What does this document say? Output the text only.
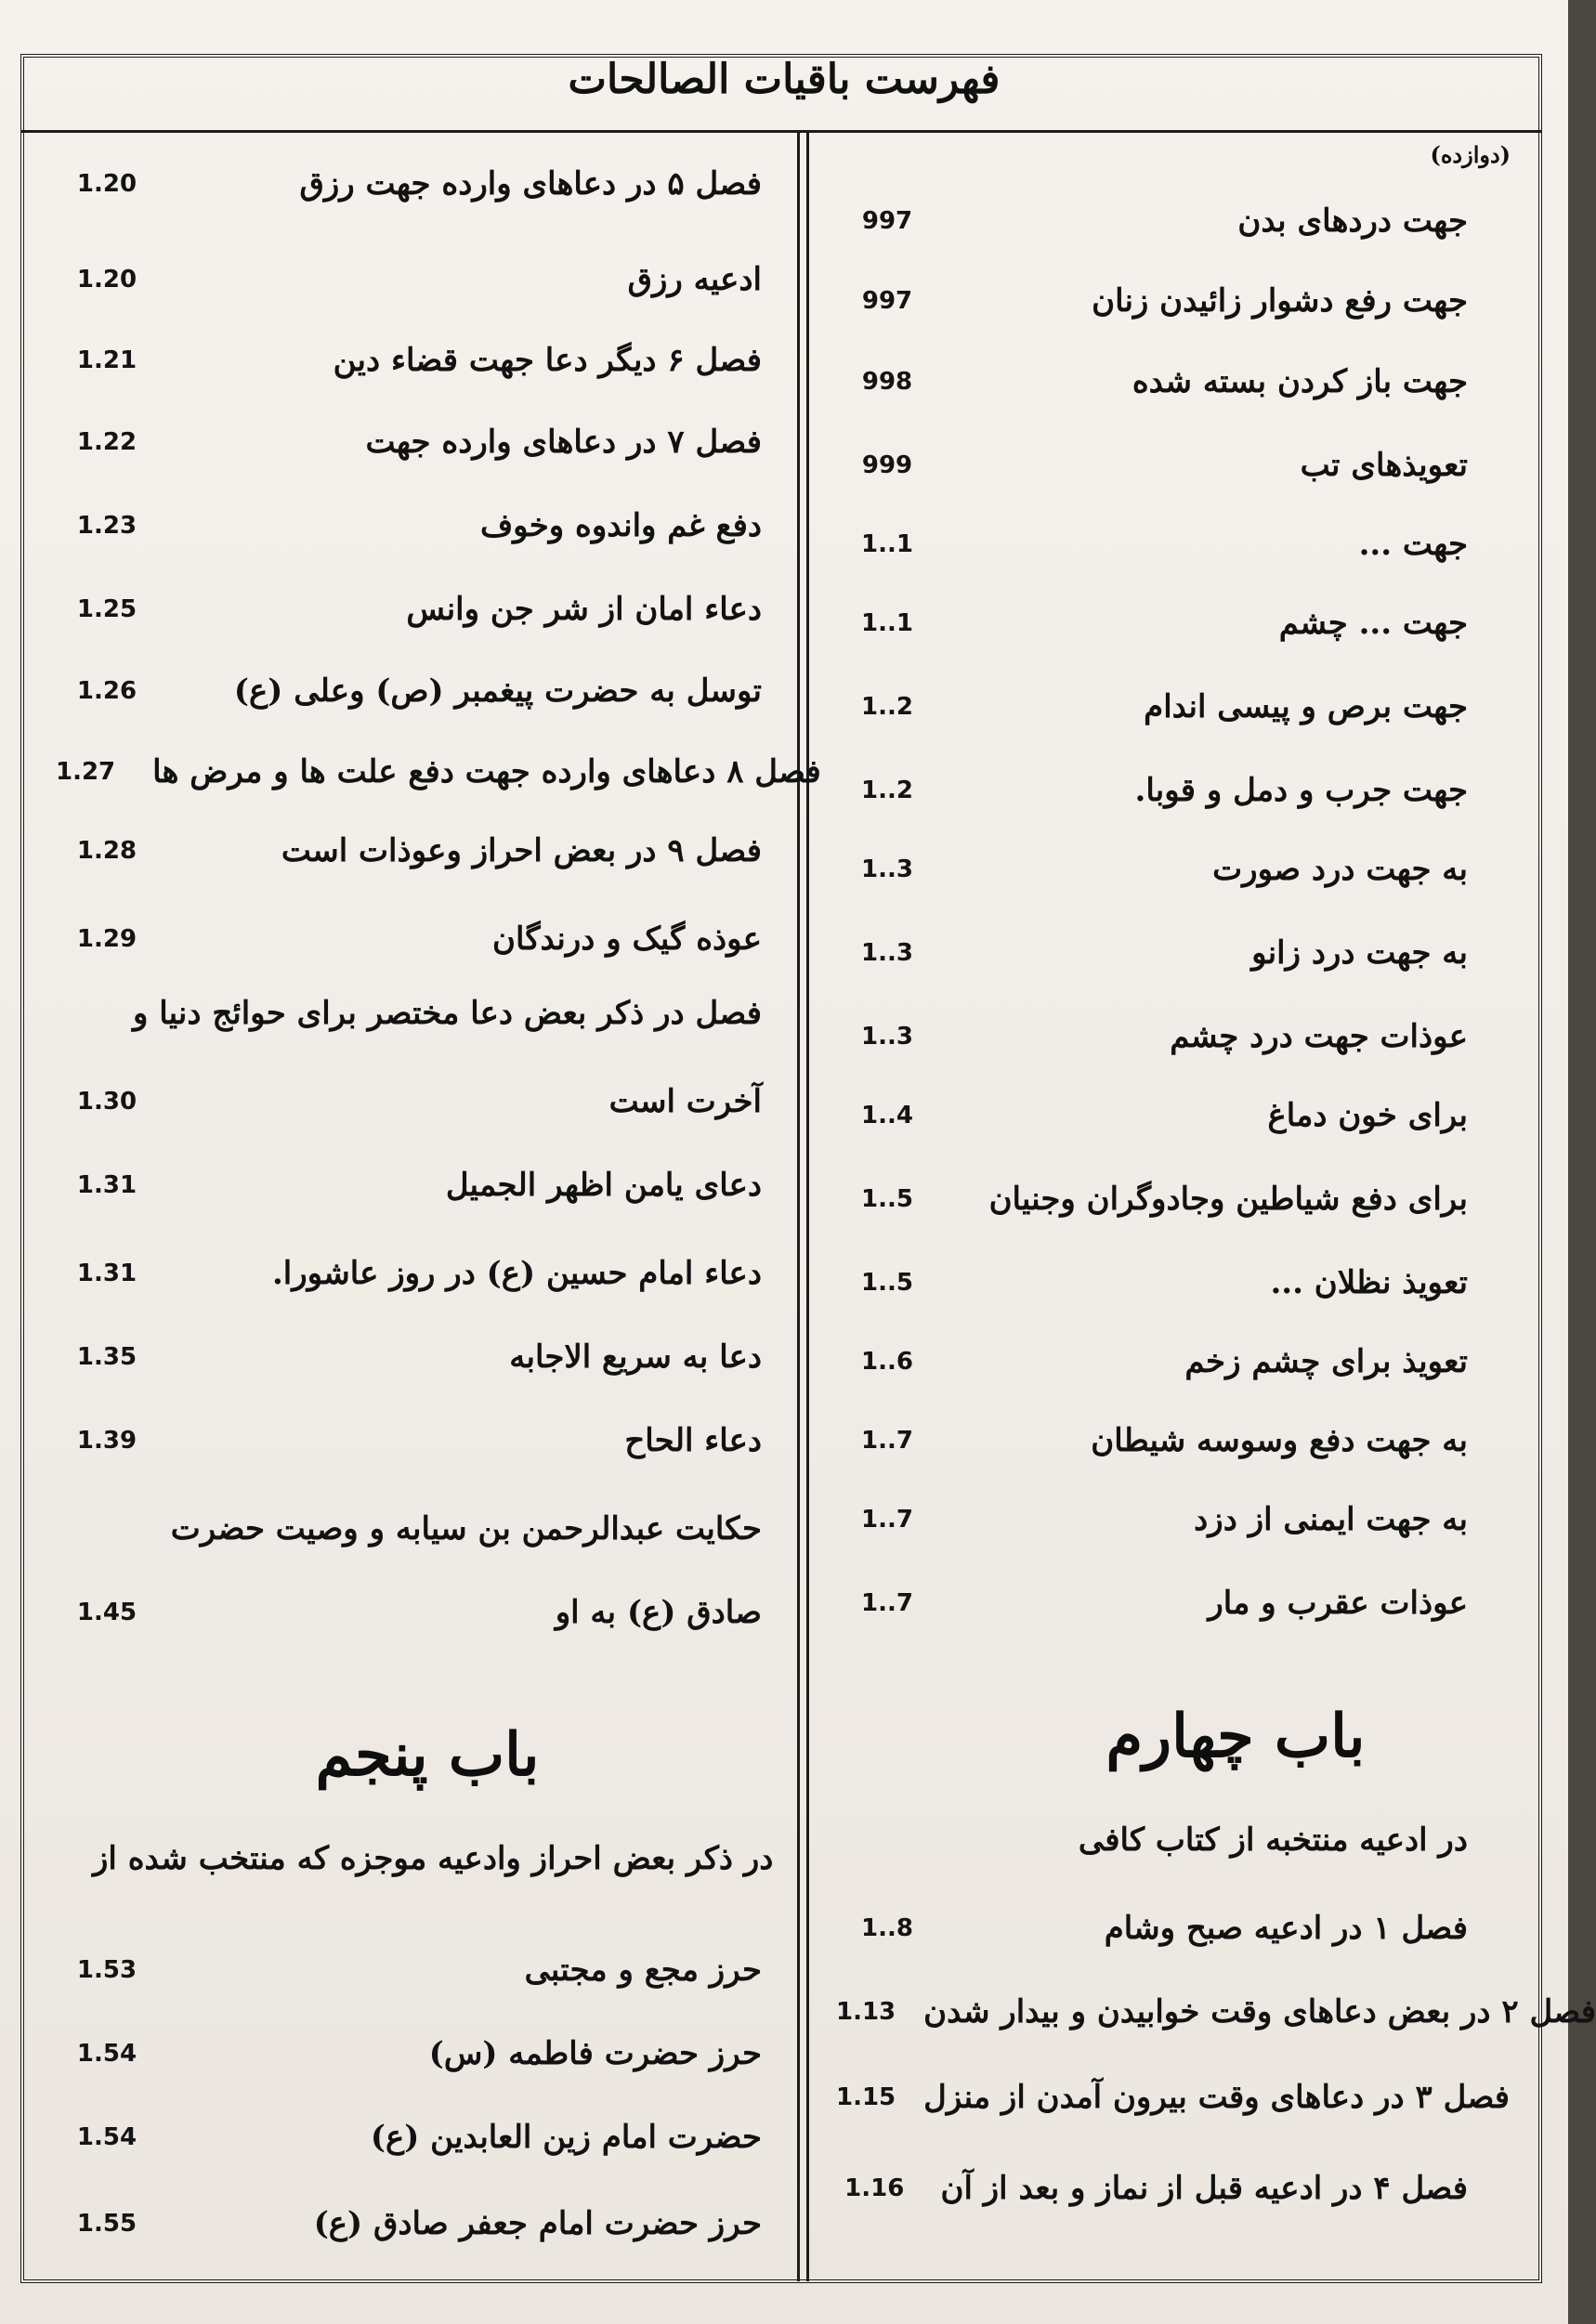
فهرست باقیات الصالحات
(دوازده)
1.20	فصل ۵ در دعاهای وارده جهت رزق
1.20	ادعیه رزق
1.21	فصل ۶ دیگر دعا جهت قضاء دین
1.22	فصل ۷ در دعاهای وارده جهت
1.23	دفع غم واندوه وخوف
1.25	دعاء امان از شر جن وانس
1.26	توسل به حضرت پیغمبر (ص) وعلی (ع)
1.27	فصل ۸ دعاهای وارده جهت دفع علت ها و مرض ها
1.28	فصل ۹ در بعض احراز وعوذات است
1.29	عوذه گیک و درندگان
فصل در ذکر بعض دعا مختصر برای حوائج دنیا و
1.30	آخرت است
1.31	دعای یامن اظهر الجمیل
1.31	دعاء امام حسین (ع) در روز عاشورا.
1.35	دعا به سریع الاجابه
1.39	دعاء الحاح
حکایت عبدالرحمن بن سیابه و وصیت حضرت
1.45	صادق (ع) به او
باب پنجم
در ذکر بعض احراز وادعیه موجزه که منتخب شده از
1.53	حرز مجع و مجتبی
1.54	حرز حضرت فاطمه (س)
1.54	حضرت امام زین العابدین (ع)
1.55	حرز حضرت امام جعفر صادق (ع)
997	جهت دردهای بدن
997	جهت رفع دشوار زائیدن زنان
998	جهت باز کردن بسته شده
999	تعویذهای تب
1..1	جهت ...
1..1	جهت ... چشم
1..2	جهت برص و پیسی اندام
1..2	جهت جرب و دمل و قوبا.
1..3	به جهت درد صورت
1..3	به جهت درد زانو
1..3	عوذات جهت درد چشم
1..4	برای خون دماغ
1..5	برای دفع شیاطین وجادوگران وجنیان
1..5	تعویذ نظلان ...
1..6	تعویذ برای چشم زخم
1..7	به جهت دفع وسوسه شیطان
1..7	به جهت ایمنی از دزد
1..7	عوذات عقرب و مار
باب چهارم
در ادعیه منتخبه از کتاب کافی
1..8	فصل ۱ در ادعیه صبح وشام
1.13 فصل ۲ در بعض دعاهای وقت خوابیدن و بیدار شدن
1.15 فصل ۳ در دعاهای وقت بیرون آمدن از منزل
1.16	فصل ۴ در ادعیه قبل از نماز و بعد از آن
